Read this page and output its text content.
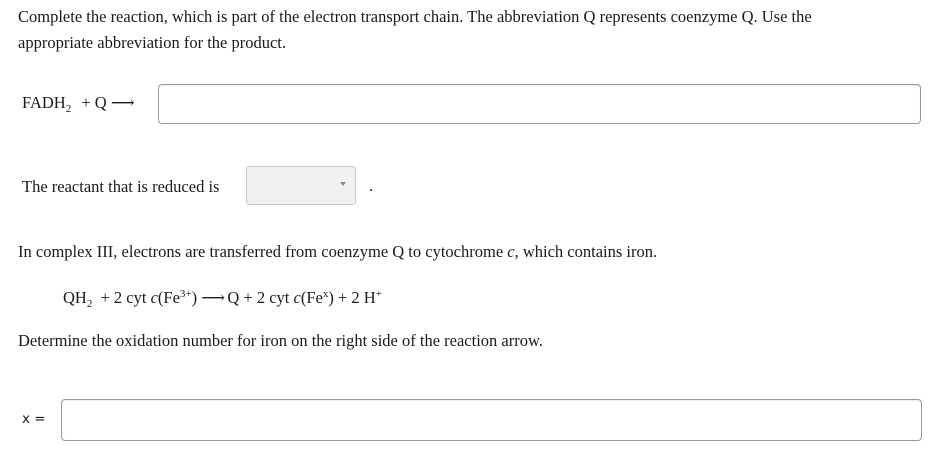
Complete the reaction, which is part of the electron transport chain. The abbreviation Q represents coenzyme Q. Use the
appropriate abbreviation for the product.
$FADH_2 + Q$ ⟶
The reactant that is reduced is	.
In complex III, electrons are transferred from coenzyme Q to cytochrome c, which contains iron.
$QH_2 + 2$ cyt $c(Fe^{3+})$ ⟶ Q + 2 cyt $c(Fe^x) + 2$ H+
Determine the oxidation number for iron on the right side of the reaction arrow.
x =
